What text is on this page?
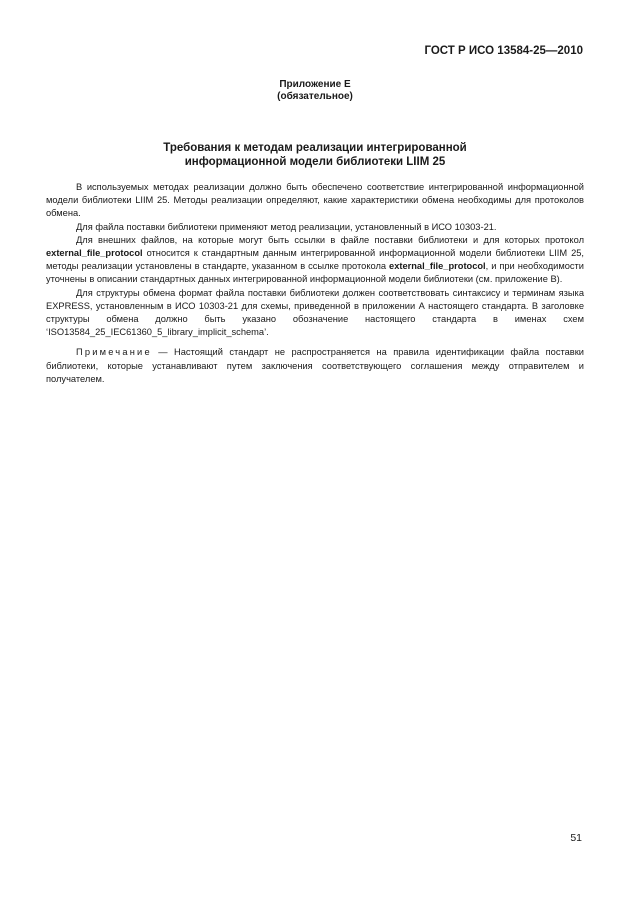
ГОСТ Р ИСО 13584-25—2010
Приложение Е
(обязательное)
Требования к методам реализации интегрированной
информационной модели библиотеки LIIM 25

В используемых методах реализации должно быть обеспечено соответствие интегрированной информационной модели библиотеки LIIM 25. Методы реализации определяют, какие характеристики обмена необходимы для протоколов обмена.

Для файла поставки библиотеки применяют метод реализации, установленный в ИСО 10303-21.

Для внешних файлов, на которые могут быть ссылки в файле поставки библиотеки и для которых протокол external_file_protocol относится к стандартным данным интегрированной информационной модели библиотеки LIIM 25, методы реализации установлены в стандарте, указанном в ссылке протокола external_file_protocol, и при необходимости уточнены в описании стандартных данных интегрированной информационной модели библиотеки (см. приложение В).

Для структуры обмена формат файла поставки библиотеки должен соответствовать синтаксису и терминам языка EXPRESS, установленным в ИСО 10303-21 для схемы, приведенной в приложении А настоящего стандарта. В заголовке структуры обмена должно быть указано обозначение настоящего стандарта в именах схем ‘ISO13584_25_IEC61360_5_library_implicit_schema’.

Примечание — Настоящий стандарт не распространяется на правила идентификации файла поставки библиотеки, которые устанавливают путем заключения соответствующего соглашения между отправителем и получателем.

51
